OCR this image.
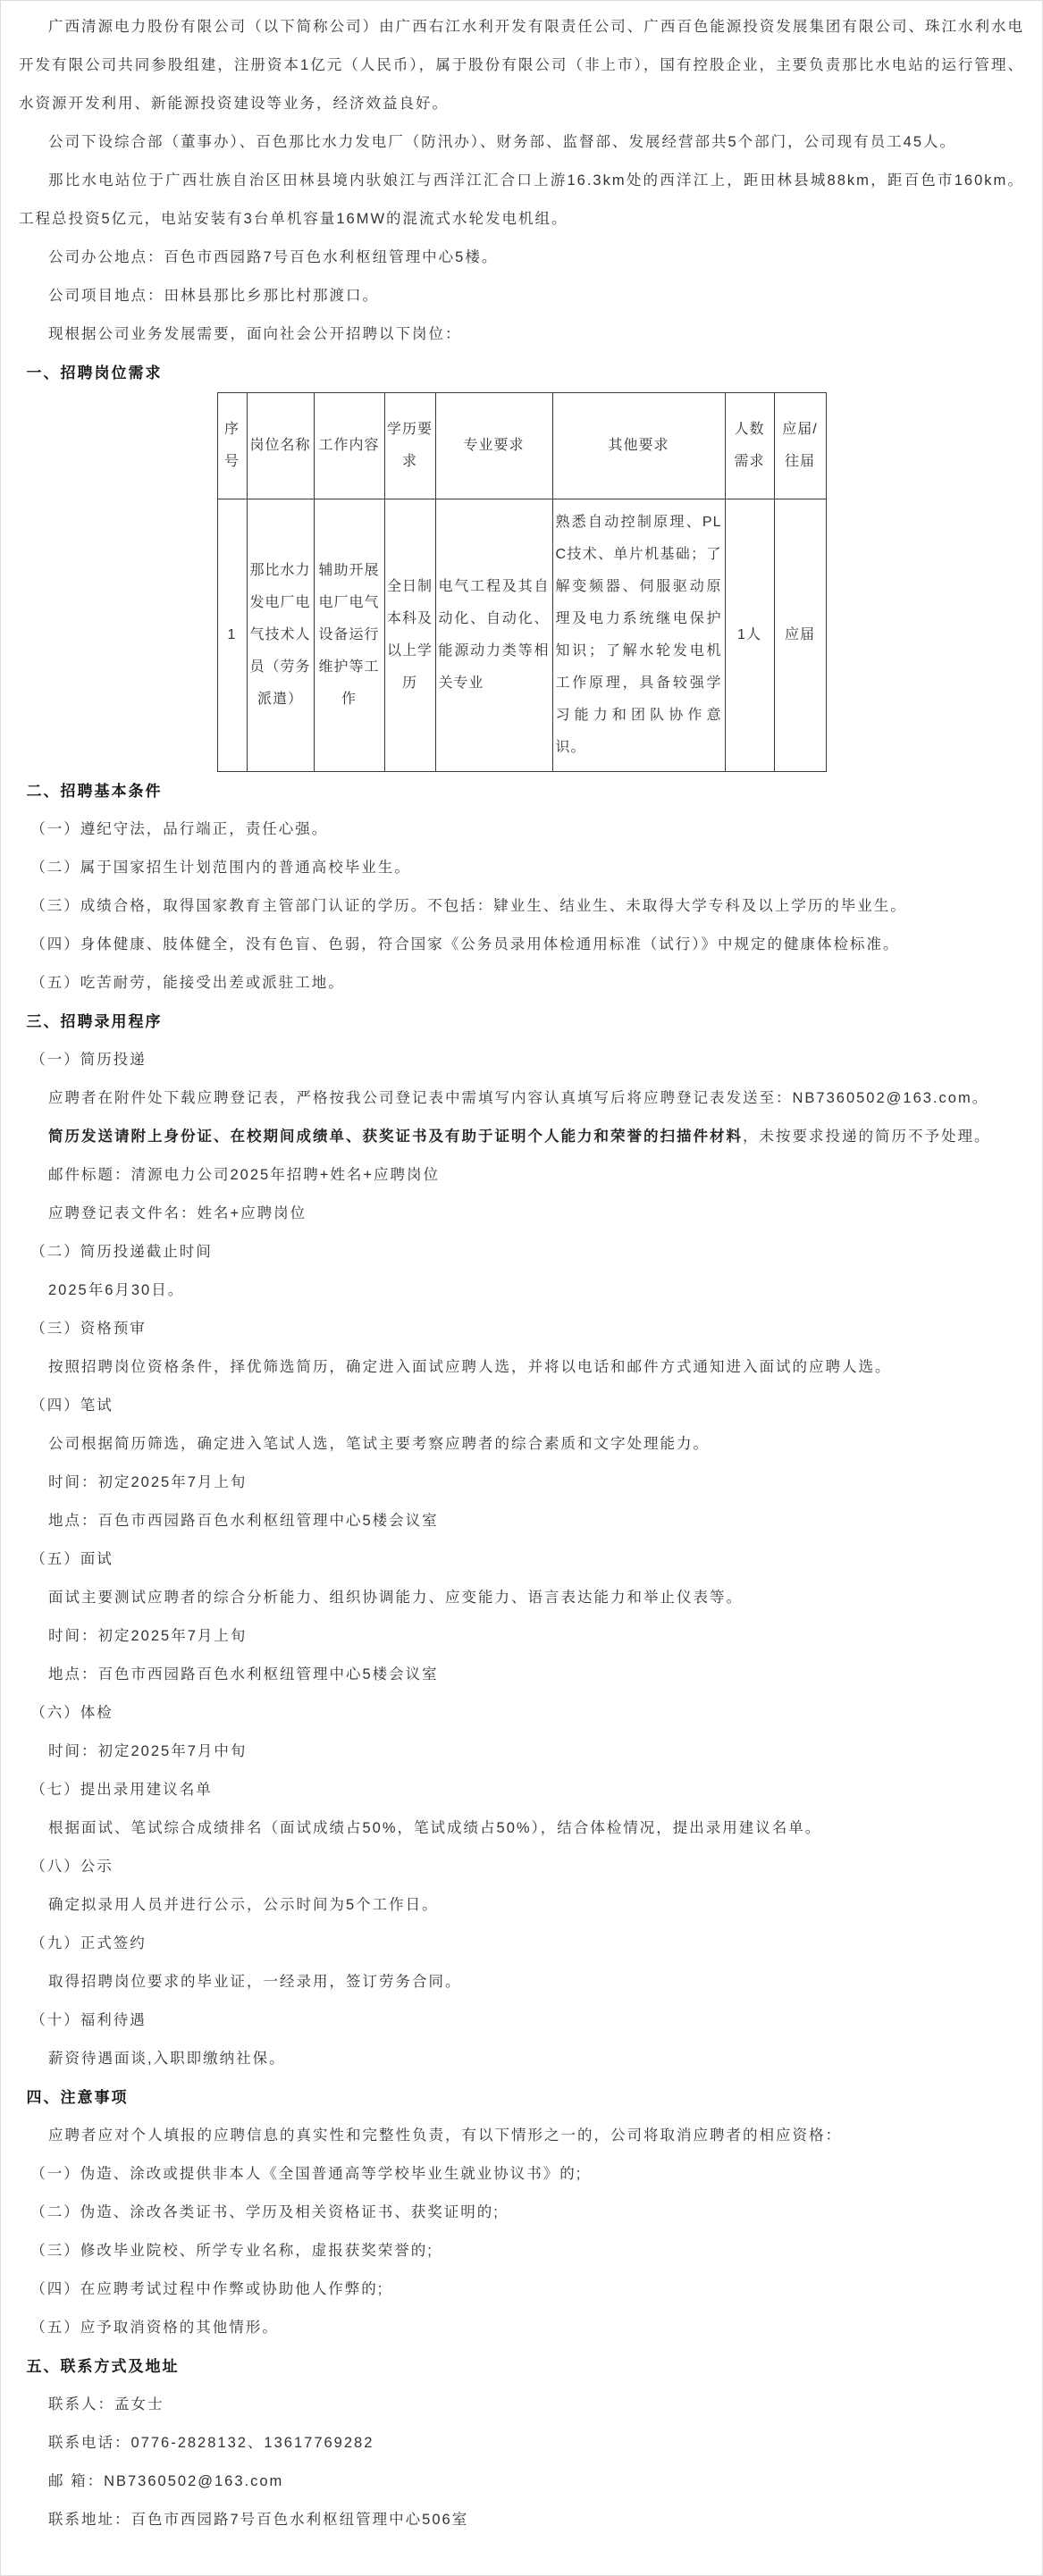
广西清源电力股份有限公司（以下简称公司）由广西右江水利开发有限责任公司、广西百色能源投资发展集团有限公司、珠江水利水电开发有限公司共同参股组建，注册资本1亿元（人民币），属于股份有限公司（非上市），国有控股企业，主要负责那比水电站的运行管理、水资源开发利用、新能源投资建设等业务，经济效益良好。

公司下设综合部（董事办）、百色那比水力发电厂（防汛办）、财务部、监督部、发展经营部共5个部门，公司现有员工45人。

那比水电站位于广西壮族自治区田林县境内驮娘江与西洋江汇合口上游16.3km处的西洋江上，距田林县城88km，距百色市160km。工程总投资5亿元，电站安装有3台单机容量16MW的混流式水轮发电机组。

公司办公地点：百色市西园路7号百色水利枢纽管理中心5楼。

公司项目地点：田林县那比乡那比村那渡口。

现根据公司业务发展需要，面向社会公开招聘以下岗位：

一、招聘岗位需求

序号	岗位名称	工作内容	学历要求	专业要求	其他要求	人数需求	应届/往届
1	那比水力发电厂电气技术人员（劳务派遣）	辅助开展电厂电气设备运行维护等工作	全日制本科及以上学历	电气工程及其自动化、自动化、能源动力类等相关专业	熟悉自动控制原理、PLC技术、单片机基础；了解变频器、伺服驱动原理及电力系统继电保护知识；了解水轮发电机工作原理，具备较强学习能力和团队协作意识。	1人	应届

二、招聘基本条件

（一）遵纪守法，品行端正，责任心强。

（二）属于国家招生计划范围内的普通高校毕业生。

（三）成绩合格，取得国家教育主管部门认证的学历。不包括：肄业生、结业生、未取得大学专科及以上学历的毕业生。

（四）身体健康、肢体健全，没有色盲、色弱，符合国家《公务员录用体检通用标准（试行）》中规定的健康体检标准。

（五）吃苦耐劳，能接受出差或派驻工地。

三、招聘录用程序

（一）简历投递

应聘者在附件处下载应聘登记表，严格按我公司登记表中需填写内容认真填写后将应聘登记表发送至：NB7360502@163.com。

简历发送请附上身份证、在校期间成绩单、获奖证书及有助于证明个人能力和荣誉的扫描件材料，未按要求投递的简历不予处理。

邮件标题：清源电力公司2025年招聘+姓名+应聘岗位

应聘登记表文件名：姓名+应聘岗位

（二）简历投递截止时间

2025年6月30日。

（三）资格预审

按照招聘岗位资格条件，择优筛选简历，确定进入面试应聘人选，并将以电话和邮件方式通知进入面试的应聘人选。

（四）笔试

公司根据简历筛选，确定进入笔试人选，笔试主要考察应聘者的综合素质和文字处理能力。

时间：初定2025年7月上旬

地点：百色市西园路百色水利枢纽管理中心5楼会议室

（五）面试

面试主要测试应聘者的综合分析能力、组织协调能力、应变能力、语言表达能力和举止仪表等。

时间：初定2025年7月上旬

地点：百色市西园路百色水利枢纽管理中心5楼会议室

（六）体检

时间：初定2025年7月中旬

（七）提出录用建议名单

根据面试、笔试综合成绩排名（面试成绩占50%，笔试成绩占50%），结合体检情况，提出录用建议名单。

（八）公示

确定拟录用人员并进行公示，公示时间为5个工作日。

（九）正式签约

取得招聘岗位要求的毕业证，一经录用，签订劳务合同。

（十）福利待遇

薪资待遇面谈,入职即缴纳社保。

四、注意事项

应聘者应对个人填报的应聘信息的真实性和完整性负责，有以下情形之一的，公司将取消应聘者的相应资格：

（一）伪造、涂改或提供非本人《全国普通高等学校毕业生就业协议书》的;

（二）伪造、涂改各类证书、学历及相关资格证书、获奖证明的;

（三）修改毕业院校、所学专业名称，虚报获奖荣誉的;

（四）在应聘考试过程中作弊或协助他人作弊的;

（五）应予取消资格的其他情形。

五、联系方式及地址

联系人：孟女士

联系电话：0776-2828132、13617769282

邮 箱：NB7360502@163.com

联系地址：百色市西园路7号百色水利枢纽管理中心506室
